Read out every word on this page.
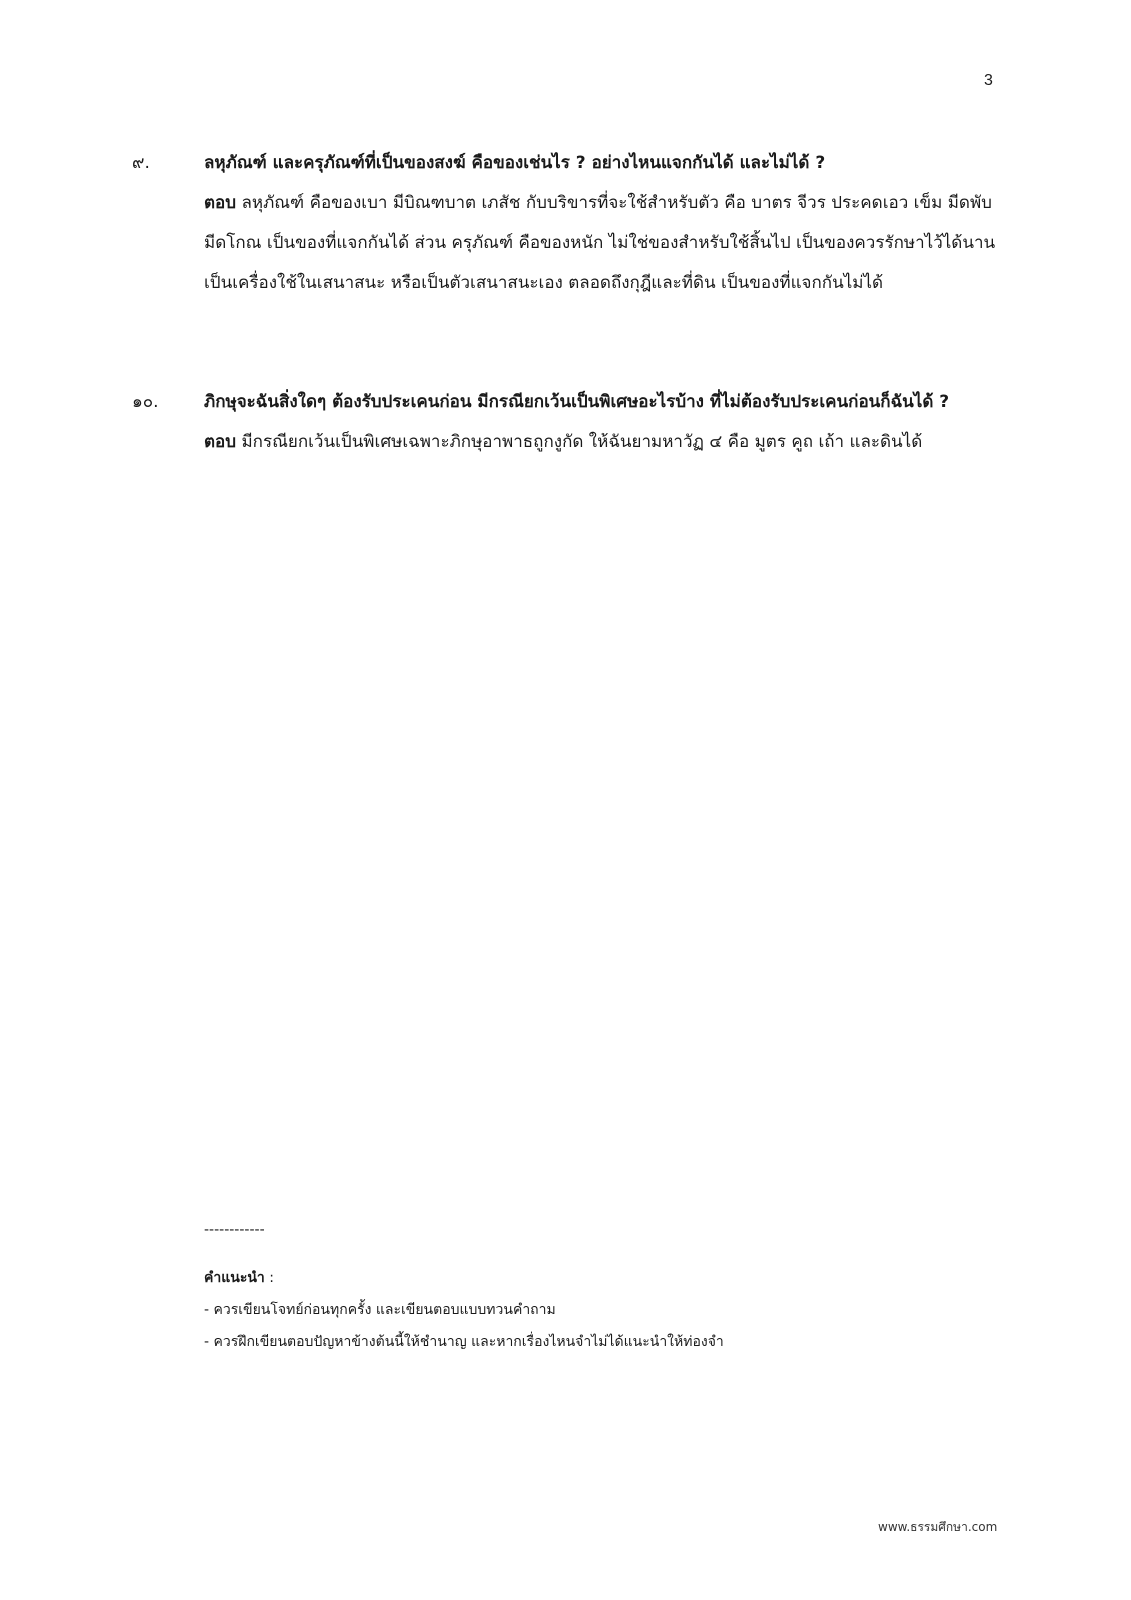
3
๙.	ลหุภัณฑ์ และครุภัณฑ์ที่เป็นของสงฆ์ คือของเช่นไร ? อย่างไหนแจกกันได้ และไม่ได้ ?
ตอบ ลหุภัณฑ์ คือของเบา มีบิณฑบาต เภสัช กับบริขารที่จะใช้สำหรับตัว คือ บาตร จีวร ประคดเอว เข็ม มีดพับ มีดโกณ เป็นของที่แจกกันได้ ส่วน ครุภัณฑ์ คือของหนัก ไม่ใช่ของสำหรับใช้สิ้นไป เป็นของควรรักษาไว้ได้นาน เป็นเครื่องใช้ในเสนาสนะ หรือเป็นตัวเสนาสนะเอง ตลอดถึงกุฎีและที่ดิน เป็นของที่แจกกันไม่ได้
๑๐.	ภิกษุจะฉันสิ่งใดๆ ต้องรับประเคนก่อน มีกรณียกเว้นเป็นพิเศษอะไรบ้าง ที่ไม่ต้องรับประเคนก่อนก็ฉันได้ ?
ตอบ มีกรณียกเว้นเป็นพิเศษเฉพาะภิกษุอาพาธถูกงูกัด ให้ฉันยามหาวัฏ ๔ คือ มูตร คูถ เถ้า และดินได้
------------
คำแนะนำ :
- ควรเขียนโจทย์ก่อนทุกครั้ง และเขียนตอบแบบทวนคำถาม
- ควรฝึกเขียนตอบปัญหาข้างต้นนี้ให้ชำนาญ และหากเรื่องไหนจำไม่ได้แนะนำให้ท่องจำ
www.ธรรมศึกษา.com
